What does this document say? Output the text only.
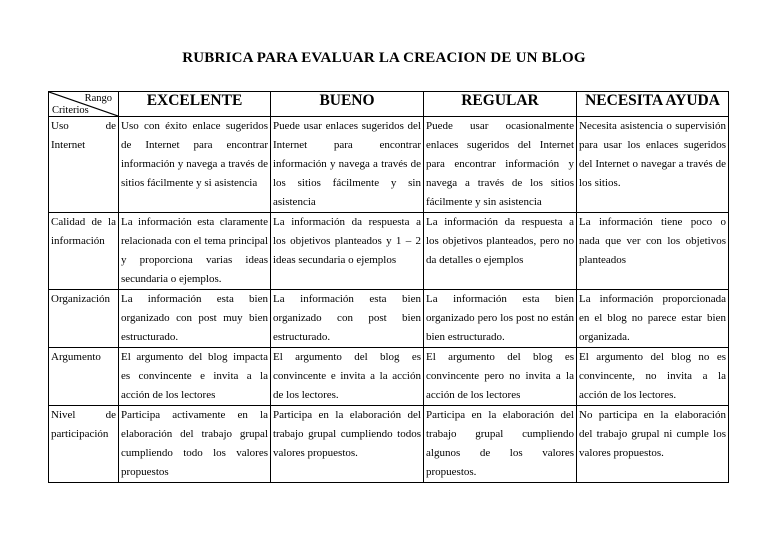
RUBRICA PARA EVALUAR LA CREACION DE UN BLOG
Rango
Criterios	EXCELENTE	BUENO	REGULAR	NECESITA AYUDA
Uso de Internet	Uso con éxito enlace sugeridos de Internet para encontrar información y navega a través de sitios fácilmente y si asistencia	Puede usar enlaces sugeridos del Internet para encontrar información y navega a través de los sitios fácilmente y sin asistencia	Puede usar ocasionalmente enlaces sugeridos del Internet para encontrar información y navega a través de los sitios fácilmente y sin asistencia	Necesita asistencia o supervisión para usar los enlaces sugeridos del Internet o navegar a través de los sitios.
Calidad de la información	La información esta claramente relacionada con el tema principal y proporciona varias ideas secundaria o ejemplos.	La información da respuesta a los objetivos planteados y 1 – 2 ideas secundaria o ejemplos	La información da respuesta a los objetivos planteados, pero no da detalles o ejemplos	La información tiene poco o nada que ver con los objetivos planteados
Organización	La información esta bien organizado con post muy bien estructurado.	La información esta bien organizado con post bien estructurado.	La información esta bien organizado pero los post no están bien estructurado.	La información proporcionada en el blog no parece estar bien organizada.
Argumento	El argumento del blog impacta es convincente e invita a la acción de los lectores	El argumento del blog es convincente e invita a la acción de los lectores.	El argumento del blog es convincente pero no invita a la acción de los lectores	El argumento del blog no es convincente, no invita a la acción de los lectores.
Nivel de participación	Participa activamente en la elaboración del trabajo grupal cumpliendo todo los valores propuestos	Participa en la elaboración del trabajo grupal cumpliendo todos valores propuestos.	Participa en la elaboración del trabajo grupal cumpliendo algunos de los valores propuestos.	No participa en la elaboración del trabajo grupal ni cumple los valores propuestos.
